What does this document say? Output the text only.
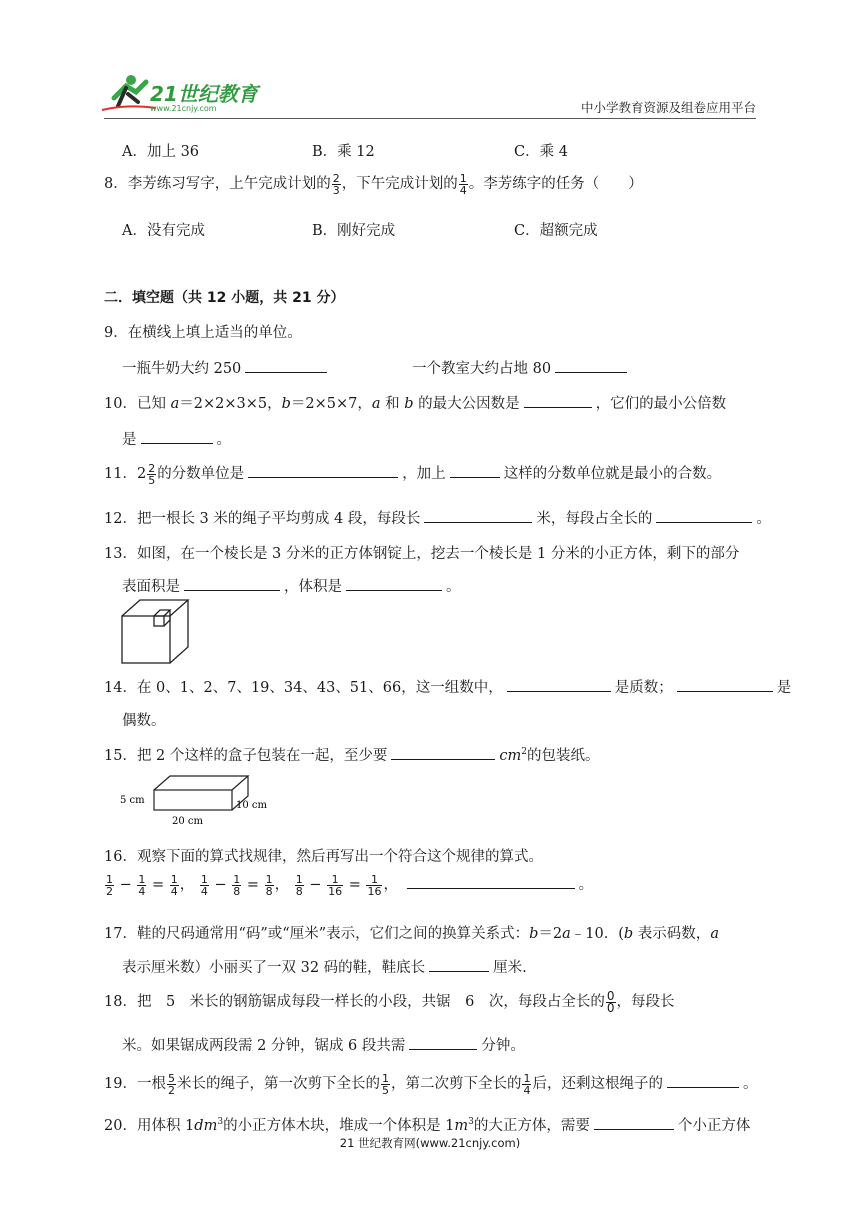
21世纪教育
www.21cnjy.com	中小学教育资源及组卷应用平台
A．加上 36	B．乘 12	C．乘 4
8．李芳练习写字，上午完成计划的 $\frac{2}{3}$ ，下午完成计划的 $\frac{1}{4}$ 。李芳练字的任务（　　）
A．没有完成	B．刚好完成	C．超额完成
二．填空题（共 12 小题，共 21 分）
9．在横线上填上适当的单位。
一瓶牛奶大约 250	一个教室大约占地 80
10．已知 a＝2×2×3×5，b＝2×5×7，a 和 b 的最大公因数是	，它们的最小公倍数
是	。
11．$2 \frac{2}{5}$ 的分数单位是	，加上	这样的分数单位就是最小的合数。
12．把一根长 3 米的绳子平均剪成 4 段，每段长	米，每段占全长的	。
13．如图，在一个棱长是 3 分米的正方体钢锭上，挖去一个棱长是 1 分米的小正方体，剩下的部分
表面积是	，体积是	。
14．在 0、1、2、7、19、34、43、51、66，这一组数中，	是质数；	是
偶数。
15．把 2 个这样的盒子包装在一起，至少要	$cm^2$的包装纸。
5 cm	10 cm
20 cm
16．观察下面的算式找规律，然后再写出一个符合这个规律的算式。
$\frac{1}{2} - \frac{1}{4} = \frac{1}{4}$ ， $\frac{1}{4} - \frac{1}{8} = \frac{1}{8}$ ， $\frac{1}{8} - \frac{1}{16} = \frac{1}{16}$ ，	。
17．鞋的尺码通常用“码”或“厘米”表示，它们之间的换算关系式：b＝2a﹣10．(b 表示码数，a
表示厘米数）小丽买了一双 32 码的鞋，鞋底长	厘米.
18．把　5　米长的钢筋锯成每段一样长的小段，共锯　6　次，每段占全长的 $\frac{0}{0}$ ，每段长
米。如果锯成两段需 2 分钟，锯成 6 段共需	分钟。
19．一根 $\frac{5}{2}$ 米长的绳子，第一次剪下全长的 $\frac{1}{5}$ ，第二次剪下全长的 $\frac{1}{4}$ 后，还剩这根绳子的	。
20．用体积 $1dm^3$的小正方体木块，堆成一个体积是 $1m^3$的大正方体，需要	个小正方体
21 世纪教育网(www.21cnjy.com)
